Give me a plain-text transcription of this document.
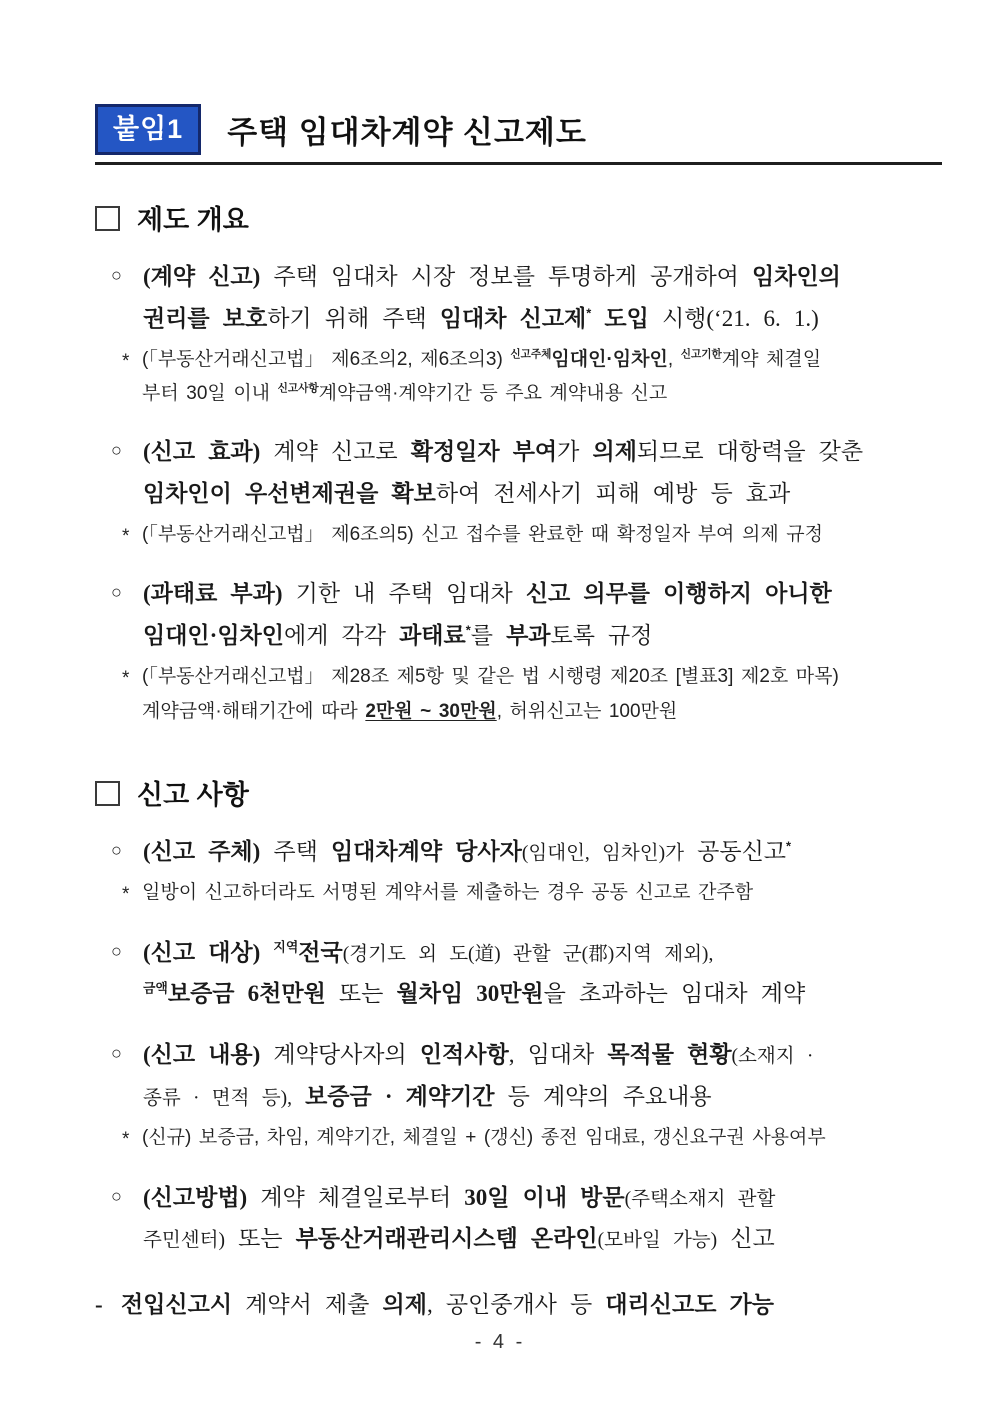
붙임1	주택 임대차계약 신고제도
제도 개요
○ (계약 신고) 주택 임대차 시장 정보를 투명하게 공개하여 임차인의
권리를 보호하기 위해 주택 임대차 신고제* 도입 시행(‘21. 6. 1.)
* (「부동산거래신고법」 제6조의2, 제6조의3) $^{신고주체}$임대인·임차인, $^{신고기한}$계약 체결일
부터 30일 이내 $^{신고사항}$계약금액·계약기간 등 주요 계약내용 신고
○ (신고 효과) 계약 신고로 확정일자 부여가 의제되므로 대항력을 갖춘
임차인이 우선변제권을 확보하여 전세사기 피해 예방 등 효과
* (「부동산거래신고법」 제6조의5) 신고 접수를 완료한 때 확정일자 부여 의제 규정
○ (과태료 부과) 기한 내 주택 임대차 신고 의무를 이행하지 아니한
임대인·임차인에게 각각 과태료*를 부과토록 규정
* (「부동산거래신고법」 제28조 제5항 및 같은 법 시행령 제20조 [별표3] 제2호 마목)
계약금액·해태기간에 따라 2만원 ~ 30만원, 허위신고는 100만원
신고 사항
○ (신고 주체) 주택 임대차계약 당사자(임대인, 임차인)가 공동신고*
* 일방이 신고하더라도 서명된 계약서를 제출하는 경우 공동 신고로 간주함
○ (신고 대상) $^{지역}$전국(경기도 외 도(道) 관할 군(郡)지역 제외),
$^{금액}$보증금 6천만원 또는 월차임 30만원을 초과하는 임대차 계약
○ (신고 내용) 계약당사자의 인적사항, 임대차 목적물 현황(소재지 ·
종류 · 면적 등), 보증금 · 계약기간 등 계약의 주요내용
* (신규) 보증금, 차임, 계약기간, 체결일 + (갱신) 종전 임대료, 갱신요구권 사용여부
○ (신고방법) 계약 체결일로부터 30일 이내 방문(주택소재지 관할
주민센터) 또는 부동산거래관리시스템 온라인(모바일 가능) 신고
- 전입신고시 계약서 제출 의제, 공인중개사 등 대리신고도 가능
- 4 -
